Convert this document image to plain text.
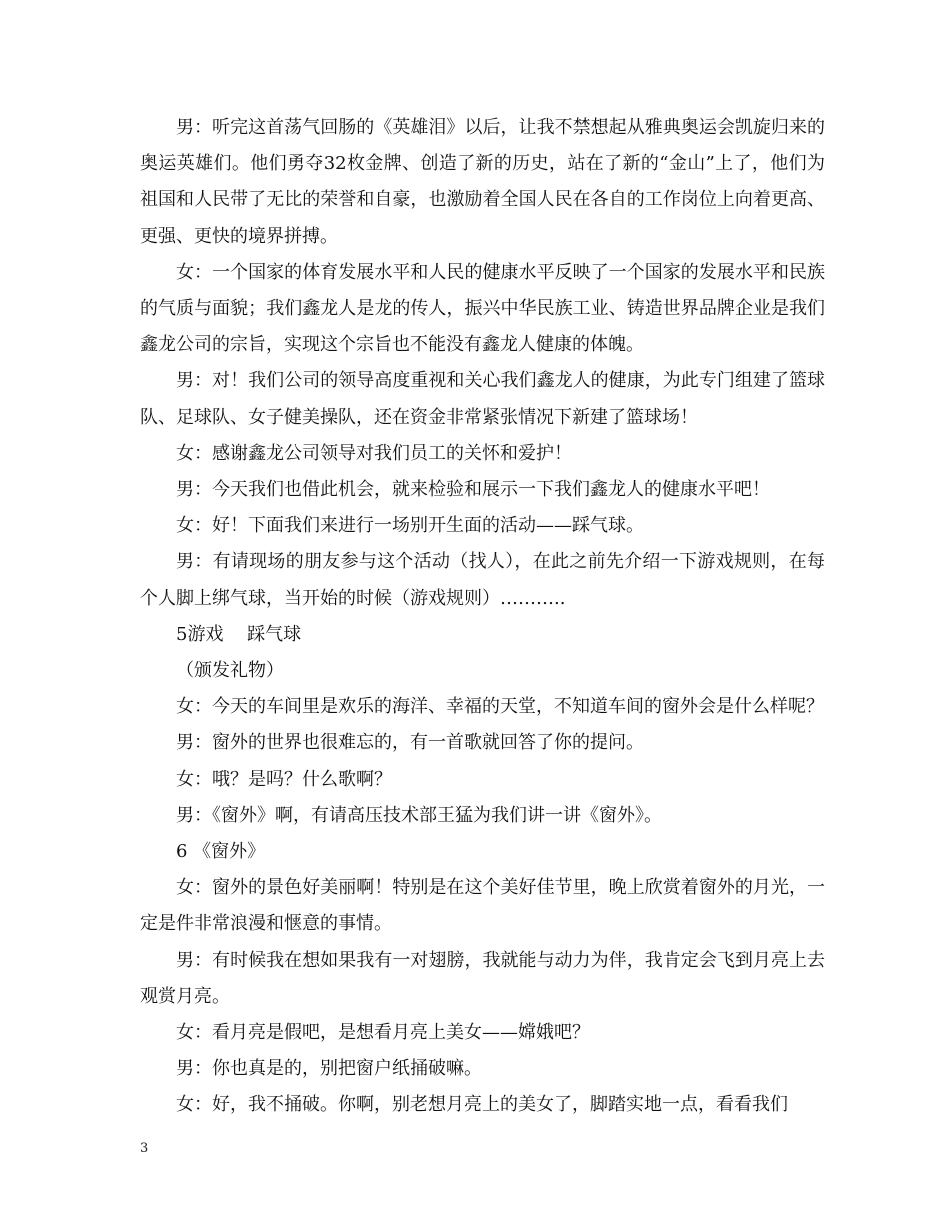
男：听完这首荡气回肠的《英雄泪》以后，让我不禁想起从雅典奥运会凯旋归来的奥运英雄们。他们勇夺32枚金牌、创造了新的历史，站在了新的“金山”上了，他们为祖国和人民带了无比的荣誉和自豪，也激励着全国人民在各自的工作岗位上向着更高、更强、更快的境界拼搏。

女：一个国家的体育发展水平和人民的健康水平反映了一个国家的发展水平和民族的气质与面貌；我们鑫龙人是龙的传人，振兴中华民族工业、铸造世界品牌企业是我们鑫龙公司的宗旨，实现这个宗旨也不能没有鑫龙人健康的体魄。

男：对！我们公司的领导高度重视和关心我们鑫龙人的健康，为此专门组建了篮球队、足球队、女子健美操队，还在资金非常紧张情况下新建了篮球场！

女：感谢鑫龙公司领导对我们员工的关怀和爱护！

男：今天我们也借此机会，就来检验和展示一下我们鑫龙人的健康水平吧！

女：好！下面我们来进行一场别开生面的活动——踩气球。

男：有请现场的朋友参与这个活动（找人），在此之前先介绍一下游戏规则，在每个人脚上绑气球，当开始的时候（游戏规则）………..

5游戏　 踩气球

（颁发礼物）

女：今天的车间里是欢乐的海洋、幸福的天堂，不知道车间的窗外会是什么样呢？

男：窗外的世界也很难忘的，有一首歌就回答了你的提问。

女：哦？是吗？什么歌啊？

男：《窗外》啊，有请高压技术部王猛为我们讲一讲《窗外》。

6 《窗外》

女：窗外的景色好美丽啊！特别是在这个美好佳节里，晚上欣赏着窗外的月光，一定是件非常浪漫和惬意的事情。

男：有时候我在想如果我有一对翅膀，我就能与动力为伴，我肯定会飞到月亮上去观赏月亮。

女：看月亮是假吧，是想看月亮上美女——嫦娥吧？

男：你也真是的，别把窗户纸捅破嘛。

女：好，我不捅破。你啊，别老想月亮上的美女了，脚踏实地一点，看看我们

3
